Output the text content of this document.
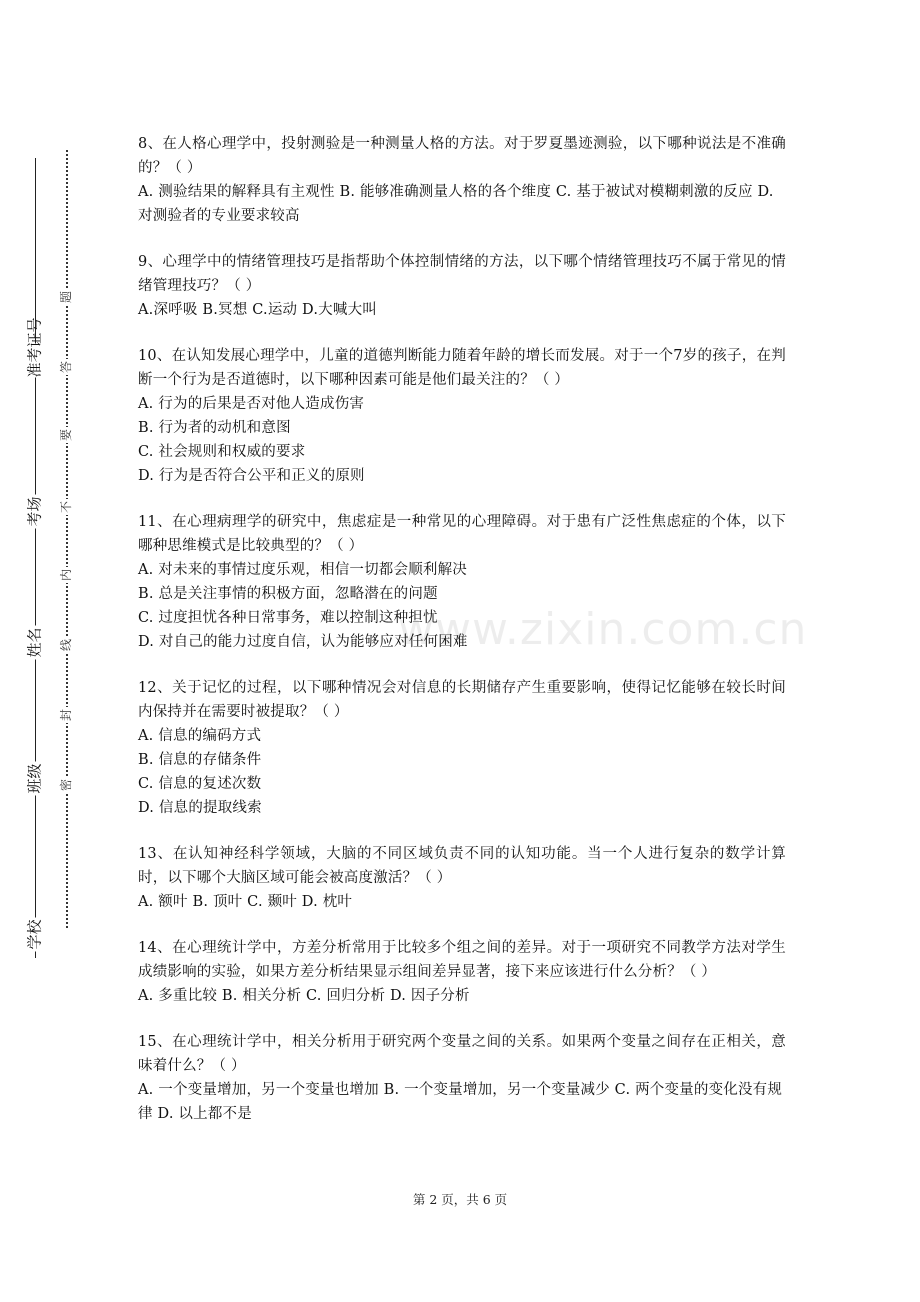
准考证号
考场
姓名
班级
学校
题
答
要
不
内
线
封
密
www.zixin.com.cn
8、在人格心理学中，投射测验是一种测量人格的方法。对于罗夏墨迹测验，以下哪种说法是不准确的？（ ）
A. 测验结果的解释具有主观性 B. 能够准确测量人格的各个维度 C. 基于被试对模糊刺激的反应 D. 对测验者的专业要求较高
9、心理学中的情绪管理技巧是指帮助个体控制情绪的方法，以下哪个情绪管理技巧不属于常见的情绪管理技巧？（ ）
A.深呼吸 B.冥想 C.运动 D.大喊大叫
10、在认知发展心理学中，儿童的道德判断能力随着年龄的增长而发展。对于一个7岁的孩子，在判断一个行为是否道德时，以下哪种因素可能是他们最关注的？（ ）
A. 行为的后果是否对他人造成伤害
B. 行为者的动机和意图
C. 社会规则和权威的要求
D. 行为是否符合公平和正义的原则
11、在心理病理学的研究中，焦虑症是一种常见的心理障碍。对于患有广泛性焦虑症的个体，以下哪种思维模式是比较典型的？（ ）
A. 对未来的事情过度乐观，相信一切都会顺利解决
B. 总是关注事情的积极方面，忽略潜在的问题
C. 过度担忧各种日常事务，难以控制这种担忧
D. 对自己的能力过度自信，认为能够应对任何困难
12、关于记忆的过程，以下哪种情况会对信息的长期储存产生重要影响，使得记忆能够在较长时间内保持并在需要时被提取？（ ）
A. 信息的编码方式
B. 信息的存储条件
C. 信息的复述次数
D. 信息的提取线索
13、在认知神经科学领域，大脑的不同区域负责不同的认知功能。当一个人进行复杂的数学计算时，以下哪个大脑区域可能会被高度激活？（ ）
A. 额叶 B. 顶叶 C. 颞叶 D. 枕叶
14、在心理统计学中，方差分析常用于比较多个组之间的差异。对于一项研究不同教学方法对学生成绩影响的实验，如果方差分析结果显示组间差异显著，接下来应该进行什么分析？（ ）
A. 多重比较 B. 相关分析 C. 回归分析 D. 因子分析
15、在心理统计学中，相关分析用于研究两个变量之间的关系。如果两个变量之间存在正相关，意味着什么？（ ）
A. 一个变量增加，另一个变量也增加 B. 一个变量增加，另一个变量减少 C. 两个变量的变化没有规律 D. 以上都不是
第 2 页，共 6 页
